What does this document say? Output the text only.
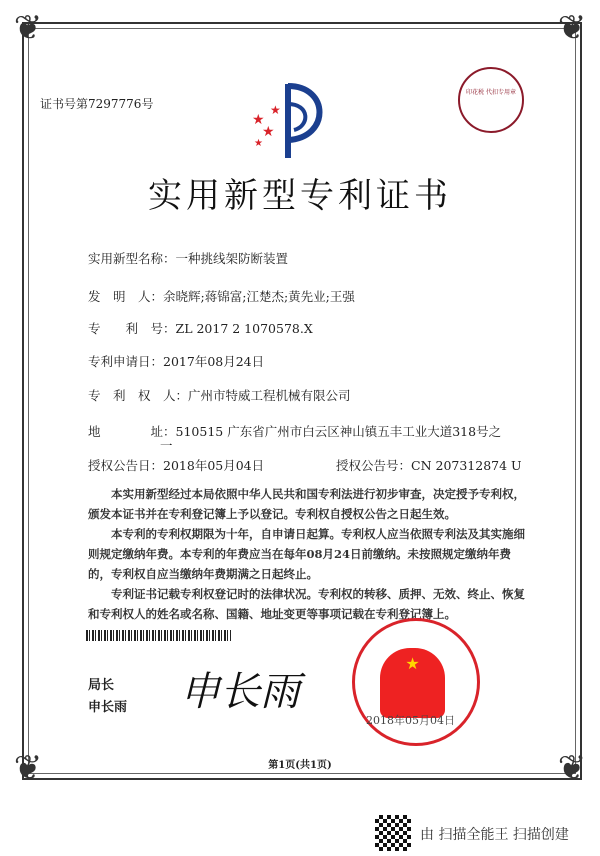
❦	❦
❦	❦
证书号第7297776号
★
★
★
★
印花税 代扣专用章
实用新型专利证书
实用新型名称：一种挑线架防断装置
发　明　人：余晓辉;蒋锦富;江楚杰;黄先业;王强
专　　利　号：ZL 2017 2 1070578.X
专利申请日：2017年08月24日
专　利　权　人：广州市特威工程机械有限公司
地　　　　址：510515 广东省广州市白云区神山镇五丰工业大道318号之
一
授权公告日：2018年05月04日	授权公告号：CN 207312874 U
本实用新型经过本局依照中华人民共和国专利法进行初步审查，决定授予专利权，颁发本证书并在专利登记簿上予以登记。专利权自授权公告之日起生效。
本专利的专利权期限为十年，自申请日起算。专利权人应当依照专利法及其实施细则规定缴纳年费。本专利的年费应当在每年08月24日前缴纳。未按照规定缴纳年费的，专利权自应当缴纳年费期满之日起终止。
专利证书记载专利权登记时的法律状况。专利权的转移、质押、无效、终止、恢复和专利权人的姓名或名称、国籍、地址变更等事项记载在专利登记簿上。
局长
申长雨 申长雨
★
2018年05月04日
第1页(共1页)
由 扫描全能王 扫描创建
